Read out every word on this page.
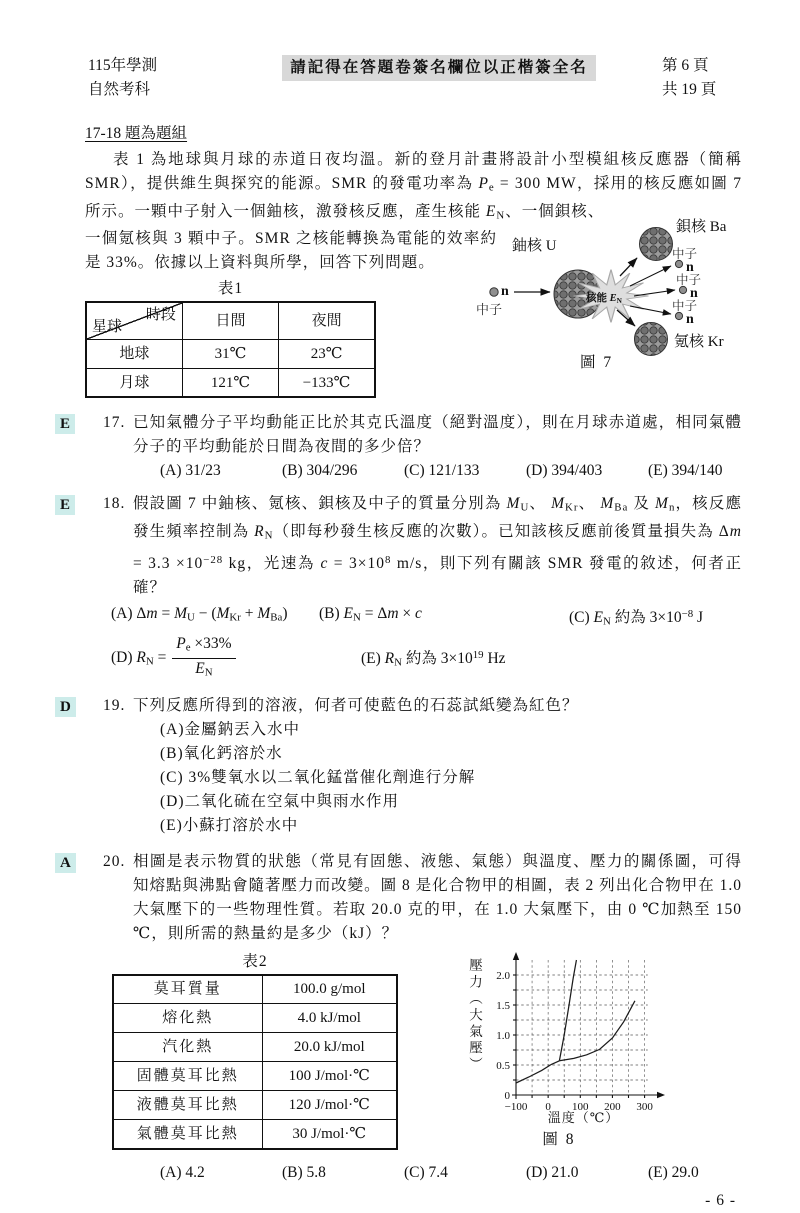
115年學測
自然考科
請記得在答題卷簽名欄位以正楷簽全名	第 6 頁
共 19 頁
17-18 題為題組

表 1 為地球與月球的赤道日夜均溫。新的登月計畫將設計小型模組核反應器（簡稱 SMR），提供維生與探究的能源。SMR 的發電功率為 Pe = 300 MW，採用的核反應如圖 7 所示。一顆中子射入一個鈾核，激發核反應，產生核能 EN、一個鋇核、

一個氪核與 3 顆中子。SMR 之核能轉換為電能的效率約是 33%。依據以上資料與所學，回答下列問題。

表1
時段
星球	日間	夜間
地球	31℃	23℃
月球	121℃	−133℃
鈾核 U
n
中子
核能 EN
鋇核 Ba
中子
n
中子
n
中子
n
氪核 Kr
圖 7
E	17. 已知氣體分子平均動能正比於其克氏溫度（絕對溫度），則在月球赤道處，相同氣體分子的平均動能於日間為夜間的多少倍？
(A) 31/23	(B) 304/296	(C) 121/133	(D) 394/403	(E) 394/140
E	18. 假設圖 7 中鈾核、氪核、鋇核及中子的質量分別為 MU、 MKr、 MBa 及 Mn，核反應發生頻率控制為 RN（即每秒發生核反應的次數）。已知該核反應前後質量損失為 $\Delta m = 3.3 \times 10^{-28}$ kg，光速為 $c = 3\times 10^8$ m/s，則下列有關該 SMR 發電的敘述，何者正確？
(A) Δm = MU − (MKr + MBa)	(B) EN = Δm × c	(C) EN 約為 $3\times 10^{-8}$ J
(D) RN = $\frac{Pe \times 33\%}{EN}$	(E) RN 約為 $3\times 10^{19}$ Hz
D	19. 下列反應所得到的溶液，何者可使藍色的石蕊試紙變為紅色？
(A)金屬鈉丟入水中
(B)氧化鈣溶於水
(C) 3%雙氧水以二氧化錳當催化劑進行分解
(D)二氧化硫在空氣中與雨水作用
(E)小蘇打溶於水中
A	20. 相圖是表示物質的狀態（常見有固態、液態、氣態）與溫度、壓力的關係圖，可得知熔點與沸點會隨著壓力而改變。圖 8 是化合物甲的相圖，表 2 列出化合物甲在 1.0 大氣壓下的一些物理性質。若取 20.0 克的甲，在 1.0 大氣壓下，由 0 ℃加熱至 150 ℃，則所需的熱量約是多少（kJ）？
表2
莫耳質量	100.0 g/mol
熔化熱	4.0 kJ/mol
汽化熱	20.0 kJ/mol
固體莫耳比熱	100 J/mol·℃
液體莫耳比熱	120 J/mol·℃
氣體莫耳比熱	30 J/mol·℃
壓力（大氣壓）
−100 0 100 200 300
0
0.5
1.0
1.5
2.0
溫度（℃）
圖 8
(A) 4.2	(B) 5.8	(C) 7.4	(D) 21.0	(E) 29.0
- 6 -
